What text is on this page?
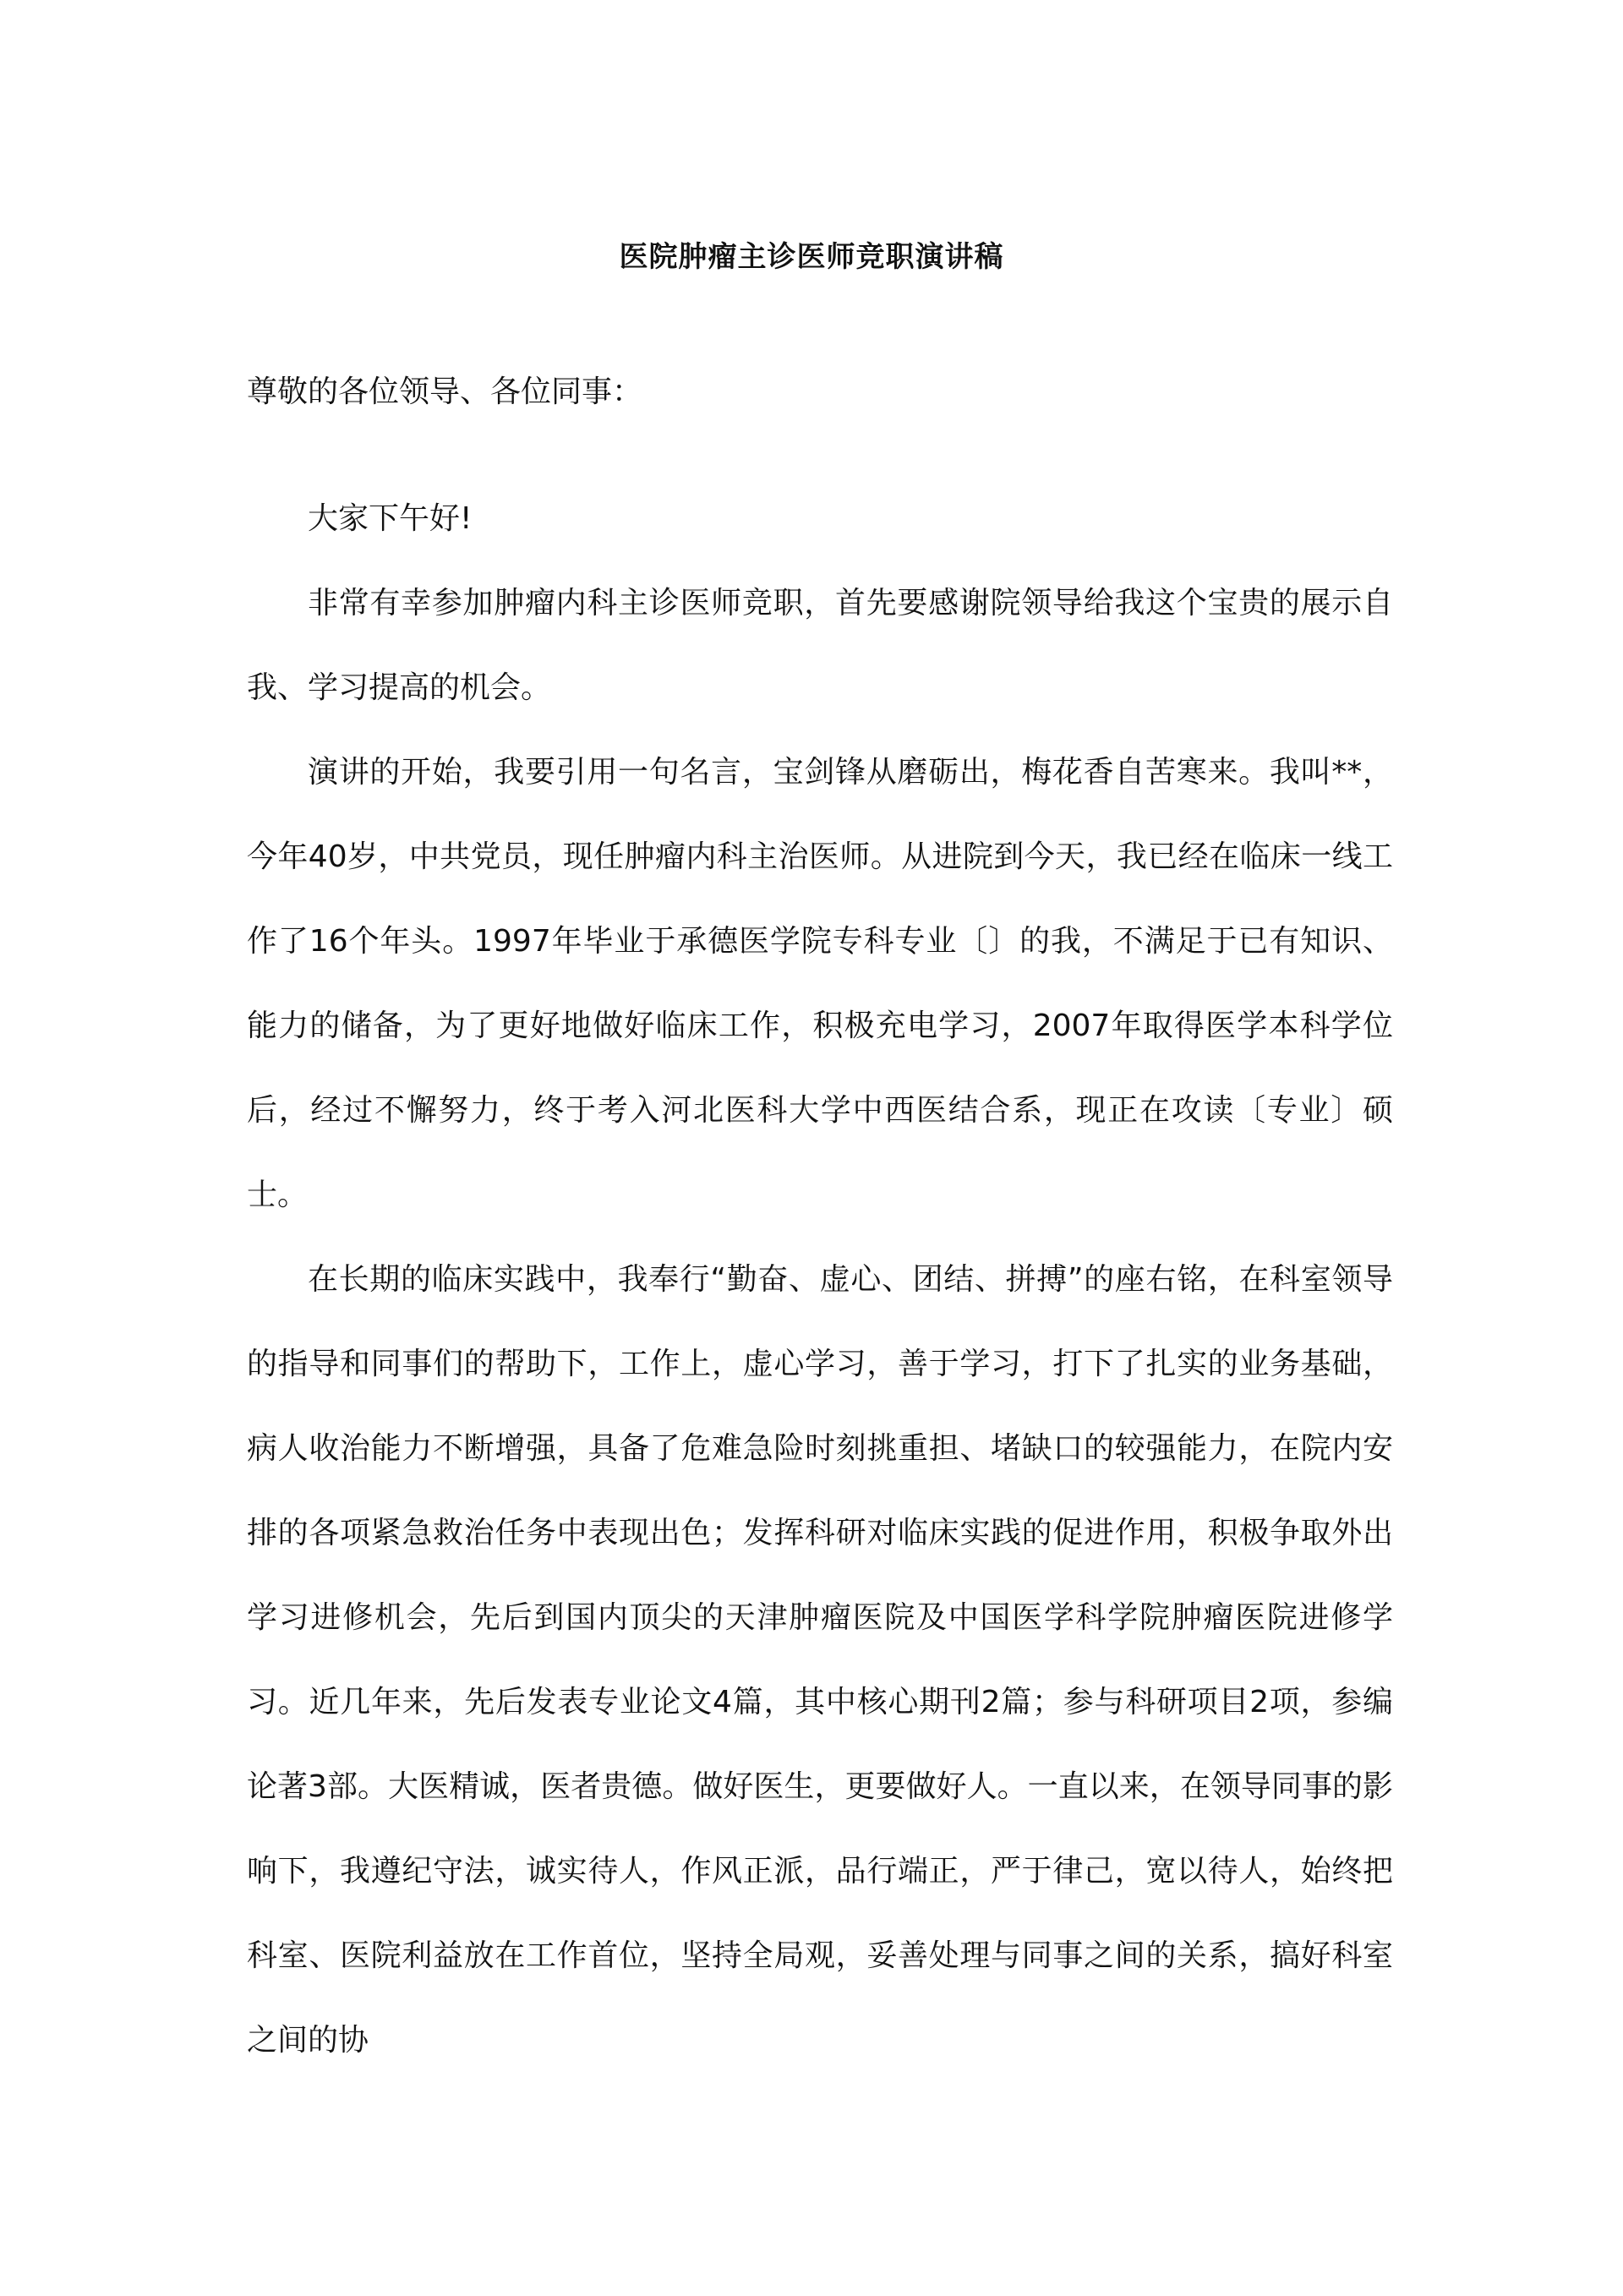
医院肿瘤主诊医师竞职演讲稿
尊敬的各位领导、各位同事：

大家下午好!

非常有幸参加肿瘤内科主诊医师竞职，首先要感谢院领导给我这个宝贵的展示自我、学习提高的机会。

演讲的开始，我要引用一句名言，宝剑锋从磨砺出，梅花香自苦寒来。我叫**，今年40岁，中共党员，现任肿瘤内科主治医师。从进院到今天，我已经在临床一线工作了16个年头。1997年毕业于承德医学院专科专业〔〕的我，不满足于已有知识、能力的储备，为了更好地做好临床工作，积极充电学习，2007年取得医学本科学位后，经过不懈努力，终于考入河北医科大学中西医结合系，现正在攻读〔专业〕硕士。

在长期的临床实践中，我奉行“勤奋、虚心、团结、拼搏”的座右铭，在科室领导的指导和同事们的帮助下，工作上，虚心学习，善于学习，打下了扎实的业务基础，病人收治能力不断增强，具备了危难急险时刻挑重担、堵缺口的较强能力，在院内安排的各项紧急救治任务中表现出色；发挥科研对临床实践的促进作用，积极争取外出学习进修机会，先后到国内顶尖的天津肿瘤医院及中国医学科学院肿瘤医院进修学习。近几年来，先后发表专业论文4篇，其中核心期刊2篇；参与科研项目2项，参编论著3部。大医精诚，医者贵德。做好医生，更要做好人。一直以来，在领导同事的影响下，我遵纪守法，诚实待人，作风正派，品行端正，严于律己，宽以待人，始终把科室、医院利益放在工作首位，坚持全局观，妥善处理与同事之间的关系，搞好科室之间的协
